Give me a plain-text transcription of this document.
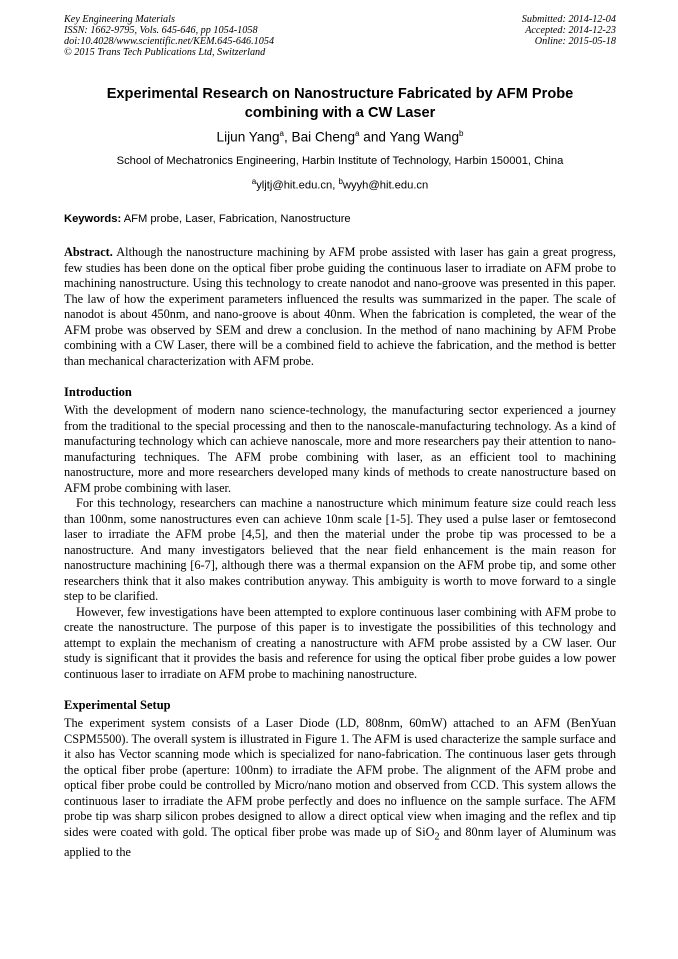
Key Engineering Materials
ISSN: 1662-9795, Vols. 645-646, pp 1054-1058
doi:10.4028/www.scientific.net/KEM.645-646.1054
© 2015 Trans Tech Publications Ltd, Switzerland
Submitted: 2014-12-04
Accepted: 2014-12-23
Online: 2015-05-18
Experimental Research on Nanostructure Fabricated by AFM Probe
combining with a CW Laser
Lijun Yang$^a$, Bai Cheng$^a$ and Yang Wang$^b$
School of Mechatronics Engineering, Harbin Institute of Technology, Harbin 150001, China
$^a$yljtj@hit.edu.cn, $^b$wyyh@hit.edu.cn
Keywords: AFM probe, Laser, Fabrication, Nanostructure
Abstract. Although the nanostructure machining by AFM probe assisted with laser has gain a great progress, few studies has been done on the optical fiber probe guiding the continuous laser to irradiate on AFM probe to machining nanostructure. Using this technology to create nanodot and nano-groove was presented in this paper. The law of how the experiment parameters influenced the results was summarized in the paper. The scale of nanodot is about 450nm, and nano-groove is about 40nm. When the fabrication is completed, the wear of the AFM probe was observed by SEM and drew a conclusion. In the method of nano machining by AFM Probe combining with a CW Laser, there will be a combined field to achieve the fabrication, and the method is better than mechanical characterization with AFM probe.
Introduction

With the development of modern nano science-technology, the manufacturing sector experienced a journey from the traditional to the special processing and then to the nanoscale-manufacturing technology. As a kind of manufacturing technology which can achieve nanoscale, more and more researchers pay their attention to nano-manufacturing techniques. The AFM probe combining with laser, as an efficient tool to machining nanostructure, more and more researchers developed many kinds of methods to create nanostructure based on AFM probe combining with laser.

For this technology, researchers can machine a nanostructure which minimum feature size could reach less than 100nm, some nanostructures even can achieve 10nm scale [1-5]. They used a pulse laser or femtosecond laser to irradiate the AFM probe [4,5], and then the material under the probe tip was processed to be a nanostructure. And many investigators believed that the near field enhancement is the main reason for nanostructure machining [6-7], although there was a thermal expansion on the AFM probe tip, and some other researchers think that it also makes contribution anyway. This ambiguity is worth to move forward to a single step to be clarified.

However, few investigations have been attempted to explore continuous laser combining with AFM probe to create the nanostructure. The purpose of this paper is to investigate the possibilities of this technology and attempt to explain the mechanism of creating a nanostructure with AFM probe assisted by a CW laser. Our study is significant that it provides the basis and reference for using the optical fiber probe guides a low power continuous laser to irradiate on AFM probe to machining nanostructure.

Experimental Setup

The experiment system consists of a Laser Diode (LD, 808nm, 60mW) attached to an AFM (BenYuan CSPM5500). The overall system is illustrated in Figure 1. The AFM is used characterize the sample surface and it also has Vector scanning mode which is specialized for nano-fabrication. The continuous laser gets through the optical fiber probe (aperture: 100nm) to irradiate the AFM probe. The alignment of the AFM probe and optical fiber probe could be controlled by Micro/nano motion and observed from CCD. This system allows the continuous laser to irradiate the AFM probe perfectly and does no influence on the sample surface. The AFM probe tip was sharp silicon probes designed to allow a direct optical view when imaging and the reflex and tip sides were coated with gold. The optical fiber probe was made up of SiO$_2$ and 80nm layer of Aluminum was applied to the
